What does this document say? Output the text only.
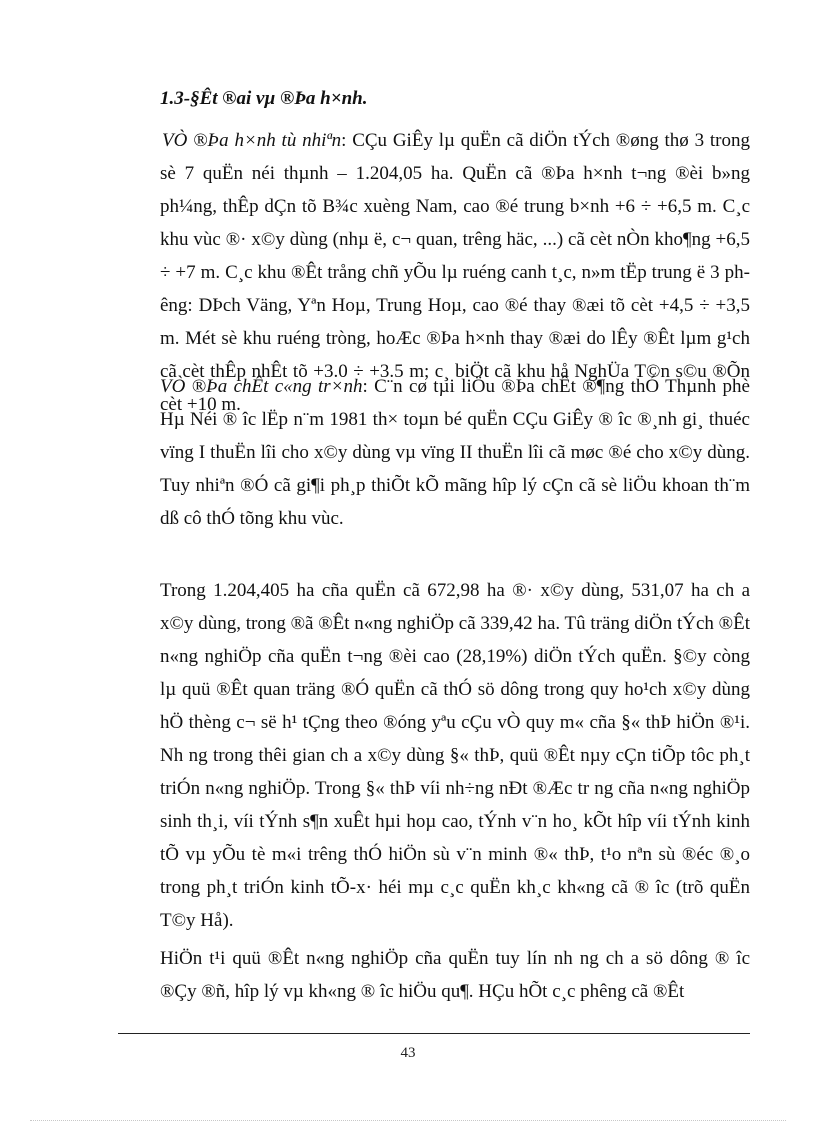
1.3-§Êt ®ai vµ ®Þa h×nh.

VÒ ®Þa h×nh tù nhiªn: CÇu GiÊy lµ quËn cã diÖn tÝch ®øng thø 3 trong sè 7 quËn néi thµnh – 1.204,05 ha. QuËn cã ®Þa h×nh t¬ng ®èi b»ng ph¼ng, thÊp dÇn tõ B¾c xuèng Nam, cao ®é trung b×nh +6 ÷ +6,5 m. C¸c khu vùc ®· x©y dùng (nhµ ë, c¬ quan, trêng häc, ...) cã cèt nÒn kho¶ng +6,5 ÷ +7 m. C¸c khu ®Êt trång chñ yÕu lµ ruéng canh t¸c, n»m tËp trung ë 3 phêng: DÞch Väng, Yªn Hoµ, Trung Hoµ, cao ®é thay ®æi tõ cèt +4,5 ÷ +3,5 m. Mét sè khu ruéng tròng, hoÆc ®Þa h×nh thay ®æi do lÊy ®Êt lµm g¹ch cã cèt thÊp nhÊt tõ +3.0 ÷ +3.5 m; c¸ biÖt cã khu hå NghÜa T©n s©u ®Õn cèt +10 m.

VÒ ®Þa chÊt c«ng tr×nh: C¨n cø tµi liÖu ®Þa chÊt ®¶ng thÓ Thµnh phè Hµ Néi ® îc lËp n¨m 1981 th× toµn bé quËn CÇu GiÊy ® îc ®¸nh gi¸ thuéc vïng I thuËn lîi cho x©y dùng vµ vïng II thuËn lîi cã møc ®é cho x©y dùng. Tuy nhiªn ®Ó cã gi¶i ph¸p thiÕt kÕ mãng hîp lý cÇn cã sè liÖu khoan th¨m dß cô thÓ tõng khu vùc.

Trong 1.204,405 ha cña quËn cã 672,98 ha ®· x©y dùng, 531,07 ha ch a x©y dùng, trong ®ã ®Êt n«ng nghiÖp cã 339,42 ha. Tû träng diÖn tÝch ®Êt n«ng nghiÖp cña quËn t¬ng ®èi cao (28,19%) diÖn tÝch quËn. §©y còng lµ quü ®Êt quan träng ®Ó quËn cã thÓ sö dông trong quy ho¹ch x©y dùng hÖ thèng c¬ së h¹ tÇng theo ®óng yªu cÇu vÒ quy m« cña §« thÞ hiÖn ®¹i. Nh ng trong thêi gian ch a x©y dùng §« thÞ, quü ®Êt nµy cÇn tiÕp tôc ph¸t triÓn n«ng nghiÖp. Trong §« thÞ víi nh÷ng nÐt ®Æc tr ng cña n«ng nghiÖp sinh th¸i, víi tÝnh s¶n xuÊt hµi hoµ cao, tÝnh v¨n ho¸ kÕt hîp víi tÝnh kinh tÕ vµ yÕu tè m«i trêng thÓ hiÖn sù v¨n minh ®« thÞ, t¹o nªn sù ®éc ®¸o trong ph¸t triÓn kinh tÕ-x· héi mµ c¸c quËn kh¸c kh«ng cã ® îc (trõ quËn T©y Hå).

HiÖn t¹i quü ®Êt n«ng nghiÖp cña quËn tuy lín nh ng ch a sö dông ® îc ®Çy ®ñ, hîp lý vµ kh«ng ® îc hiÖu qu¶. HÇu hÕt c¸c phêng cã ®Êt

43
